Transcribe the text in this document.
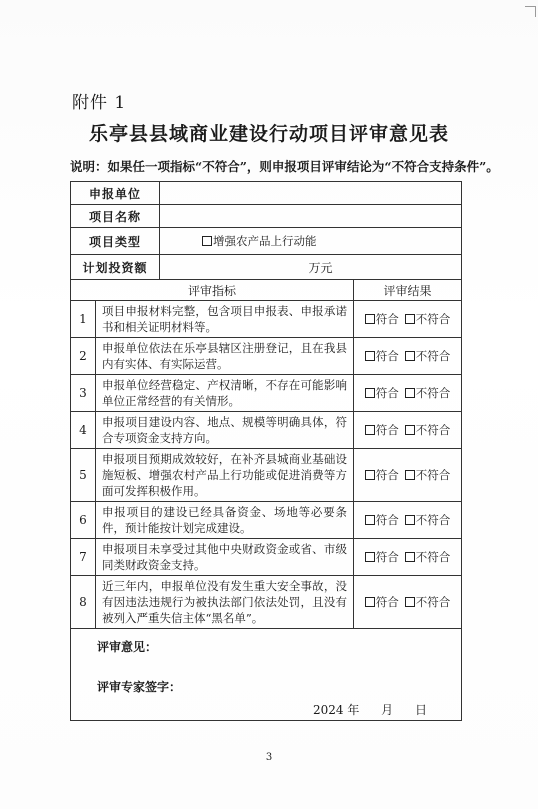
附件 1
乐亭县县域商业建设行动项目评审意见表
说明：如果任一项指标“不符合”，则申报项目评审结论为“不符合支持条件”。
申报单位			
项目名称			
项目类型		增强农产品上行动能	
计划投资额		万元	
评审指标			评审结果
1	项目申报材料完整，包含项目申报表、申报承诺书和相关证明材料等。		符合 不符合
2	申报单位依法在乐亭县辖区注册登记，且在我县内有实体、有实际运营。		符合 不符合
3	申报单位经营稳定、产权清晰，不存在可能影响单位正常经营的有关情形。		符合 不符合
4	申报项目建设内容、地点、规模等明确具体，符合专项资金支持方向。		符合 不符合
5	申报项目预期成效较好，在补齐县城商业基础设施短板、增强农村产品上行功能或促进消费等方面可发挥积极作用。		符合 不符合
6	申报项目的建设已经具备资金、场地等必要条件，预计能按计划完成建设。		符合 不符合
7	申报项目未享受过其他中央财政资金或省、市级同类财政资金支持。		符合 不符合
8	近三年内，申报单位没有发生重大安全事故，没有因违法违规行为被执法部门依法处罚，且没有被列入严重失信主体“黑名单”。		符合 不符合

评审意见：
评审专家签字：
2024 年 月 日			
3
